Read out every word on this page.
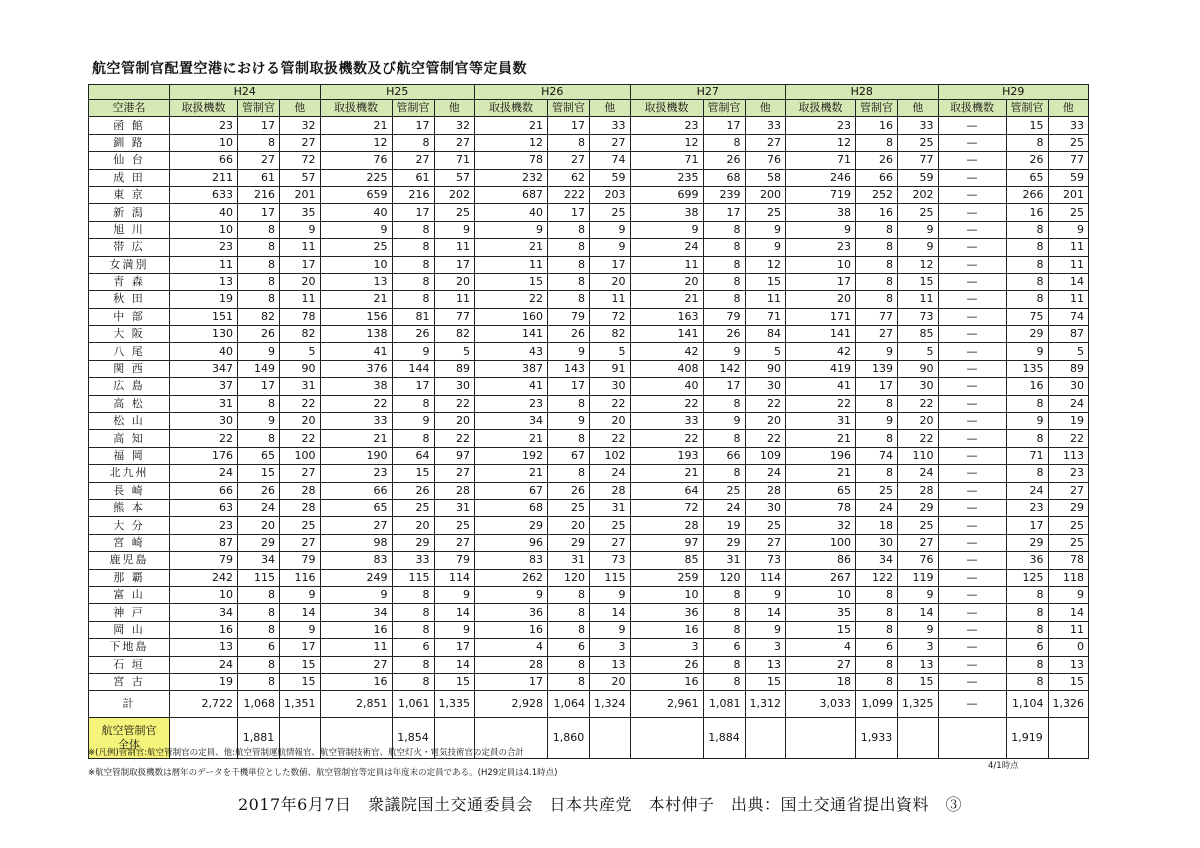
航空管制官配置空港における管制取扱機数及び航空管制官等定員数
	H24			H25			H26			H27			H28			H29		
空港名	取扱機数	管制官	他	取扱機数	管制官	他	取扱機数	管制官	他	取扱機数	管制官	他	取扱機数	管制官	他	取扱機数	管制官	他
函 館	23	17	32	21	17	32	21	17	33	23	17	33	23	16	33	—	15	33
釧 路	10	8	27	12	8	27	12	8	27	12	8	27	12	8	25	—	8	25
仙 台	66	27	72	76	27	71	78	27	74	71	26	76	71	26	77	—	26	77
成 田	211	61	57	225	61	57	232	62	59	235	68	58	246	66	59	—	65	59
東 京	633	216	201	659	216	202	687	222	203	699	239	200	719	252	202	—	266	201
新 潟	40	17	35	40	17	25	40	17	25	38	17	25	38	16	25	—	16	25
旭 川	10	8	9	9	8	9	9	8	9	9	8	9	9	8	9	—	8	9
帯 広	23	8	11	25	8	11	21	8	9	24	8	9	23	8	9	—	8	11
女満別	11	8	17	10	8	17	11	8	17	11	8	12	10	8	12	—	8	11
青 森	13	8	20	13	8	20	15	8	20	20	8	15	17	8	15	—	8	14
秋 田	19	8	11	21	8	11	22	8	11	21	8	11	20	8	11	—	8	11
中 部	151	82	78	156	81	77	160	79	72	163	79	71	171	77	73	—	75	74
大 阪	130	26	82	138	26	82	141	26	82	141	26	84	141	27	85	—	29	87
八 尾	40	9	5	41	9	5	43	9	5	42	9	5	42	9	5	—	9	5
関 西	347	149	90	376	144	89	387	143	91	408	142	90	419	139	90	—	135	89
広 島	37	17	31	38	17	30	41	17	30	40	17	30	41	17	30	—	16	30
高 松	31	8	22	22	8	22	23	8	22	22	8	22	22	8	22	—	8	24
松 山	30	9	20	33	9	20	34	9	20	33	9	20	31	9	20	—	9	19
高 知	22	8	22	21	8	22	21	8	22	22	8	22	21	8	22	—	8	22
福 岡	176	65	100	190	64	97	192	67	102	193	66	109	196	74	110	—	71	113
北九州	24	15	27	23	15	27	21	8	24	21	8	24	21	8	24	—	8	23
長 崎	66	26	28	66	26	28	67	26	28	64	25	28	65	25	28	—	24	27
熊 本	63	24	28	65	25	31	68	25	31	72	24	30	78	24	29	—	23	29
大 分	23	20	25	27	20	25	29	20	25	28	19	25	32	18	25	—	17	25
宮 崎	87	29	27	98	29	27	96	29	27	97	29	27	100	30	27	—	29	25
鹿児島	79	34	79	83	33	79	83	31	73	85	31	73	86	34	76	—	36	78
那 覇	242	115	116	249	115	114	262	120	115	259	120	114	267	122	119	—	125	118
富 山	10	8	9	9	8	9	9	8	9	10	8	9	10	8	9	—	8	9
神 戸	34	8	14	34	8	14	36	8	14	36	8	14	35	8	14	—	8	14
岡 山	16	8	9	16	8	9	16	8	9	16	8	9	15	8	9	—	8	11
下地島	13	6	17	11	6	17	4	6	3	3	6	3	4	6	3	—	6	0
石 垣	24	8	15	27	8	14	28	8	13	26	8	13	27	8	13	—	8	13
宮 古	19	8	15	16	8	15	17	8	20	16	8	15	18	8	15	—	8	15
計	2,722	1,068	1,351	2,851	1,061	1,335	2,928	1,064	1,324	2,961	1,081	1,312	3,033	1,099	1,325	—	1,104	1,326

航空管制官
全体		1,881			1,854			1,860			1,884			1,933			1,919	
※(凡例)管制官:航空管制官の定員、他:航空管制運航情報官、航空管制技術官、航空灯火・電気技術官の定員の合計
4/1時点
※航空管制取扱機数は暦年のデータを千機単位とした数値、航空管制官等定員は年度末の定員である。(H29定員は4.1時点)
2017年6月7日　衆議院国土交通委員会　日本共産党　本村伸子　出典：国土交通省提出資料　③
